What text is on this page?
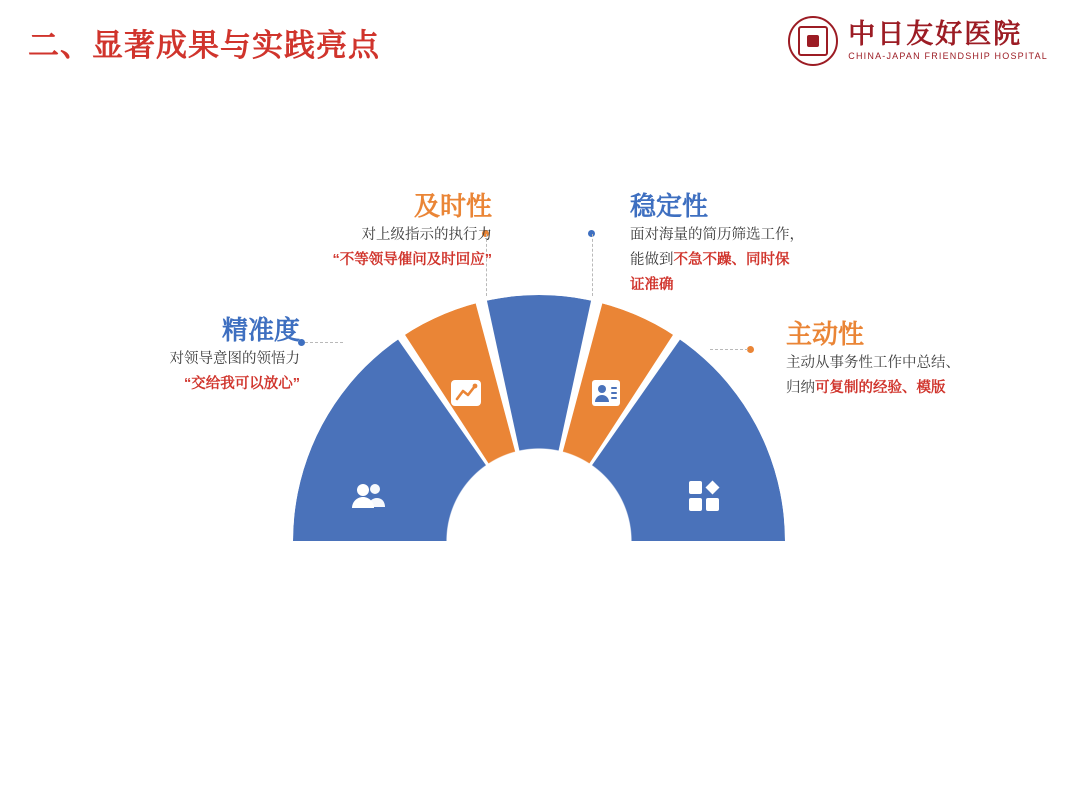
二、显著成果与实践亮点	中日友好医院
CHINA-JAPAN FRIENDSHIP HOSPITAL
及时性
对上级指示的执行力
“不等领导催问及时回应”
精准度
对领导意图的领悟力
“交给我可以放心”
稳定性
面对海量的简历筛选工作，
能做到不急不躁、同时保
证准确
主动性
主动从事务性工作中总结、
归纳可复制的经验、模版
